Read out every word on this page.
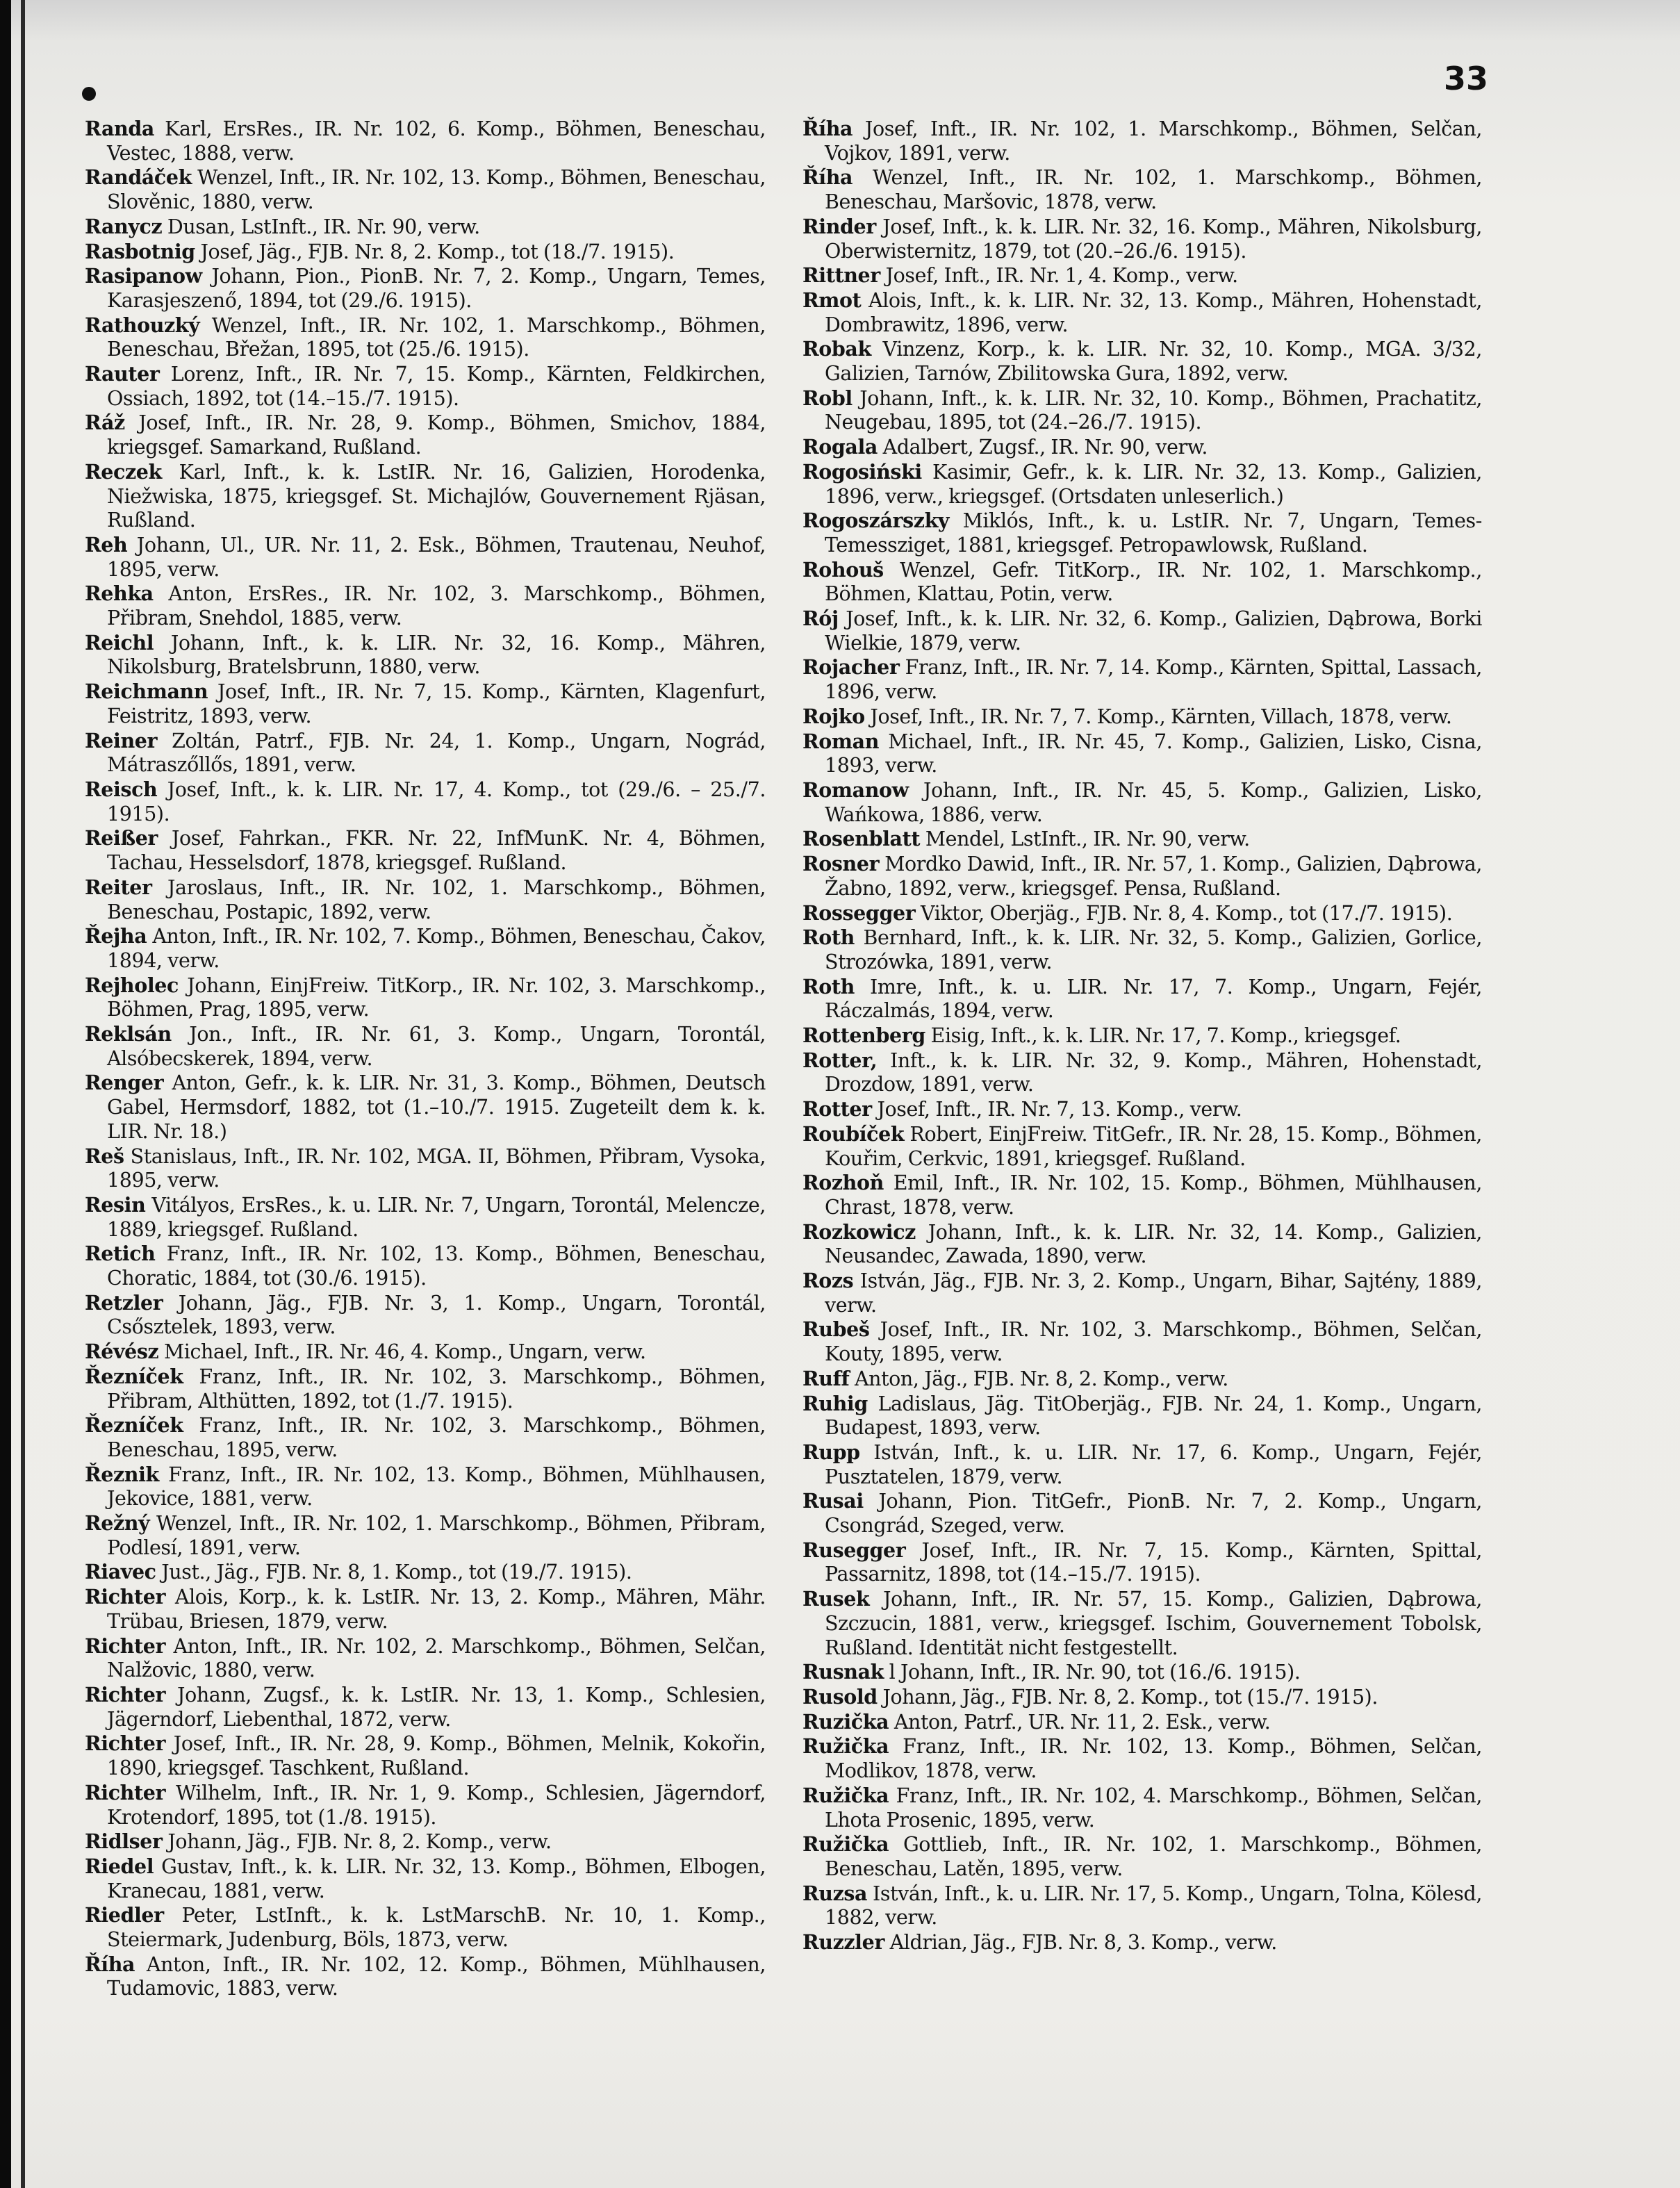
33
Randa Karl, ErsRes., IR. Nr. 102, 6. Komp., Böhmen, Beneschau, Vestec, 1888, verw.
Randáček Wenzel, Inft., IR. Nr. 102, 13. Komp., Böhmen, Beneschau, Slověnic, 1880, verw.
Ranycz Dusan, LstInft., IR. Nr. 90, verw.
Rasbotnig Josef, Jäg., FJB. Nr. 8, 2. Komp., tot (18./7. 1915).
Rasipanow Johann, Pion., PionB. Nr. 7, 2. Komp., Ungarn, Temes, Karasjeszenő, 1894, tot (29./6. 1915).
Rathouzký Wenzel, Inft., IR. Nr. 102, 1. Marschkomp., Böhmen, Beneschau, Břežan, 1895, tot (25./6. 1915).
Rauter Lorenz, Inft., IR. Nr. 7, 15. Komp., Kärnten, Feldkirchen, Ossiach, 1892, tot (14.–15./7. 1915).
Ráž Josef, Inft., IR. Nr. 28, 9. Komp., Böhmen, Smichov, 1884, kriegsgef. Samarkand, Rußland.
Reczek Karl, Inft., k. k. LstIR. Nr. 16, Galizien, Horodenka, Niežwiska, 1875, kriegsgef. St. Michajlów, Gouvernement Rjäsan, Rußland.
Reh Johann, Ul., UR. Nr. 11, 2. Esk., Böhmen, Trautenau, Neuhof, 1895, verw.
Rehka Anton, ErsRes., IR. Nr. 102, 3. Marschkomp., Böhmen, Přibram, Snehdol, 1885, verw.
Reichl Johann, Inft., k. k. LIR. Nr. 32, 16. Komp., Mähren, Nikolsburg, Bratelsbrunn, 1880, verw.
Reichmann Josef, Inft., IR. Nr. 7, 15. Komp., Kärnten, Klagenfurt, Feistritz, 1893, verw.
Reiner Zoltán, Patrf., FJB. Nr. 24, 1. Komp., Ungarn, Nográd, Mátraszőllős, 1891, verw.
Reisch Josef, Inft., k. k. LIR. Nr. 17, 4. Komp., tot (29./6. – 25./7. 1915).
Reißer Josef, Fahrkan., FKR. Nr. 22, InfMunK. Nr. 4, Böhmen, Tachau, Hesselsdorf, 1878, kriegsgef. Rußland.
Reiter Jaroslaus, Inft., IR. Nr. 102, 1. Marschkomp., Böhmen, Beneschau, Postapic, 1892, verw.
Řejha Anton, Inft., IR. Nr. 102, 7. Komp., Böhmen, Beneschau, Čakov, 1894, verw.
Rejholec Johann, EinjFreiw. TitKorp., IR. Nr. 102, 3. Marschkomp., Böhmen, Prag, 1895, verw.
Reklsán Jon., Inft., IR. Nr. 61, 3. Komp., Ungarn, Torontál, Alsóbecskerek, 1894, verw.
Renger Anton, Gefr., k. k. LIR. Nr. 31, 3. Komp., Böhmen, Deutsch Gabel, Hermsdorf, 1882, tot (1.–10./7. 1915. Zugeteilt dem k. k. LIR. Nr. 18.)
Reš Stanislaus, Inft., IR. Nr. 102, MGA. II, Böhmen, Přibram, Vysoka, 1895, verw.
Resin Vitályos, ErsRes., k. u. LIR. Nr. 7, Ungarn, Torontál, Melencze, 1889, kriegsgef. Rußland.
Retich Franz, Inft., IR. Nr. 102, 13. Komp., Böhmen, Beneschau, Choratic, 1884, tot (30./6. 1915).
Retzler Johann, Jäg., FJB. Nr. 3, 1. Komp., Ungarn, Torontál, Csősztelek, 1893, verw.
Révész Michael, Inft., IR. Nr. 46, 4. Komp., Ungarn, verw.
Řezníček Franz, Inft., IR. Nr. 102, 3. Marschkomp., Böhmen, Přibram, Althütten, 1892, tot (1./7. 1915).
Řezníček Franz, Inft., IR. Nr. 102, 3. Marschkomp., Böhmen, Beneschau, 1895, verw.
Řeznik Franz, Inft., IR. Nr. 102, 13. Komp., Böhmen, Mühlhausen, Jekovice, 1881, verw.
Režný Wenzel, Inft., IR. Nr. 102, 1. Marschkomp., Böhmen, Přibram, Podlesí, 1891, verw.
Riavec Just., Jäg., FJB. Nr. 8, 1. Komp., tot (19./7. 1915).
Richter Alois, Korp., k. k. LstIR. Nr. 13, 2. Komp., Mähren, Mähr. Trübau, Briesen, 1879, verw.
Richter Anton, Inft., IR. Nr. 102, 2. Marschkomp., Böhmen, Selčan, Nalžovic, 1880, verw.
Richter Johann, Zugsf., k. k. LstIR. Nr. 13, 1. Komp., Schlesien, Jägerndorf, Liebenthal, 1872, verw.
Richter Josef, Inft., IR. Nr. 28, 9. Komp., Böhmen, Melnik, Kokořin, 1890, kriegsgef. Taschkent, Rußland.
Richter Wilhelm, Inft., IR. Nr. 1, 9. Komp., Schlesien, Jägerndorf, Krotendorf, 1895, tot (1./8. 1915).
Ridlser Johann, Jäg., FJB. Nr. 8, 2. Komp., verw.
Riedel Gustav, Inft., k. k. LIR. Nr. 32, 13. Komp., Böhmen, Elbogen, Kranecau, 1881, verw.
Riedler Peter, LstInft., k. k. LstMarschB. Nr. 10, 1. Komp., Steiermark, Judenburg, Böls, 1873, verw.
Říha Anton, Inft., IR. Nr. 102, 12. Komp., Böhmen, Mühlhausen, Tudamovic, 1883, verw.
Říha Josef, Inft., IR. Nr. 102, 1. Marschkomp., Böhmen, Selčan, Vojkov, 1891, verw.
Říha Wenzel, Inft., IR. Nr. 102, 1. Marschkomp., Böhmen, Beneschau, Maršovic, 1878, verw.
Rinder Josef, Inft., k. k. LIR. Nr. 32, 16. Komp., Mähren, Nikolsburg, Oberwisternitz, 1879, tot (20.–26./6. 1915).
Rittner Josef, Inft., IR. Nr. 1, 4. Komp., verw.
Rmot Alois, Inft., k. k. LIR. Nr. 32, 13. Komp., Mähren, Hohenstadt, Dombrawitz, 1896, verw.
Robak Vinzenz, Korp., k. k. LIR. Nr. 32, 10. Komp., MGA. 3/32, Galizien, Tarnów, Zbilitowska Gura, 1892, verw.
Robl Johann, Inft., k. k. LIR. Nr. 32, 10. Komp., Böhmen, Prachatitz, Neugebau, 1895, tot (24.–26./7. 1915).
Rogala Adalbert, Zugsf., IR. Nr. 90, verw.
Rogosiński Kasimir, Gefr., k. k. LIR. Nr. 32, 13. Komp., Galizien, 1896, verw., kriegsgef. (Ortsdaten unleserlich.)
Rogoszárszky Miklós, Inft., k. u. LstIR. Nr. 7, Ungarn, Temes-Temessziget, 1881, kriegsgef. Petropawlowsk, Rußland.
Rohouš Wenzel, Gefr. TitKorp., IR. Nr. 102, 1. Marschkomp., Böhmen, Klattau, Potin, verw.
Rój Josef, Inft., k. k. LIR. Nr. 32, 6. Komp., Galizien, Dąbrowa, Borki Wielkie, 1879, verw.
Rojacher Franz, Inft., IR. Nr. 7, 14. Komp., Kärnten, Spittal, Lassach, 1896, verw.
Rojko Josef, Inft., IR. Nr. 7, 7. Komp., Kärnten, Villach, 1878, verw.
Roman Michael, Inft., IR. Nr. 45, 7. Komp., Galizien, Lisko, Cisna, 1893, verw.
Romanow Johann, Inft., IR. Nr. 45, 5. Komp., Galizien, Lisko, Wańkowa, 1886, verw.
Rosenblatt Mendel, LstInft., IR. Nr. 90, verw.
Rosner Mordko Dawid, Inft., IR. Nr. 57, 1. Komp., Galizien, Dąbrowa, Žabno, 1892, verw., kriegsgef. Pensa, Rußland.
Rossegger Viktor, Oberjäg., FJB. Nr. 8, 4. Komp., tot (17./7. 1915).
Roth Bernhard, Inft., k. k. LIR. Nr. 32, 5. Komp., Galizien, Gorlice, Strozówka, 1891, verw.
Roth Imre, Inft., k. u. LIR. Nr. 17, 7. Komp., Ungarn, Fejér, Ráczalmás, 1894, verw.
Rottenberg Eisig, Inft., k. k. LIR. Nr. 17, 7. Komp., kriegsgef.
Rotter, Inft., k. k. LIR. Nr. 32, 9. Komp., Mähren, Hohenstadt, Drozdow, 1891, verw.
Rotter Josef, Inft., IR. Nr. 7, 13. Komp., verw.
Roubíček Robert, EinjFreiw. TitGefr., IR. Nr. 28, 15. Komp., Böhmen, Kouřim, Cerkvic, 1891, kriegsgef. Rußland.
Rozhoň Emil, Inft., IR. Nr. 102, 15. Komp., Böhmen, Mühlhausen, Chrast, 1878, verw.
Rozkowicz Johann, Inft., k. k. LIR. Nr. 32, 14. Komp., Galizien, Neusandec, Zawada, 1890, verw.
Rozs István, Jäg., FJB. Nr. 3, 2. Komp., Ungarn, Bihar, Sajtény, 1889, verw.
Rubeš Josef, Inft., IR. Nr. 102, 3. Marschkomp., Böhmen, Selčan, Kouty, 1895, verw.
Ruff Anton, Jäg., FJB. Nr. 8, 2. Komp., verw.
Ruhig Ladislaus, Jäg. TitOberjäg., FJB. Nr. 24, 1. Komp., Ungarn, Budapest, 1893, verw.
Rupp István, Inft., k. u. LIR. Nr. 17, 6. Komp., Ungarn, Fejér, Pusztatelen, 1879, verw.
Rusai Johann, Pion. TitGefr., PionB. Nr. 7, 2. Komp., Ungarn, Csongrád, Szeged, verw.
Rusegger Josef, Inft., IR. Nr. 7, 15. Komp., Kärnten, Spittal, Passarnitz, 1898, tot (14.–15./7. 1915).
Rusek Johann, Inft., IR. Nr. 57, 15. Komp., Galizien, Dąbrowa, Szczucin, 1881, verw., kriegsgef. Ischim, Gouvernement Tobolsk, Rußland. Identität nicht festgestellt.
Rusnak l Johann, Inft., IR. Nr. 90, tot (16./6. 1915).
Rusold Johann, Jäg., FJB. Nr. 8, 2. Komp., tot (15./7. 1915).
Ruzička Anton, Patrf., UR. Nr. 11, 2. Esk., verw.
Ružička Franz, Inft., IR. Nr. 102, 13. Komp., Böhmen, Selčan, Modlikov, 1878, verw.
Ružička Franz, Inft., IR. Nr. 102, 4. Marschkomp., Böhmen, Selčan, Lhota Prosenic, 1895, verw.
Ružička Gottlieb, Inft., IR. Nr. 102, 1. Marschkomp., Böhmen, Beneschau, Latěn, 1895, verw.
Ruzsa István, Inft., k. u. LIR. Nr. 17, 5. Komp., Ungarn, Tolna, Kölesd, 1882, verw.
Ruzzler Aldrian, Jäg., FJB. Nr. 8, 3. Komp., verw.
